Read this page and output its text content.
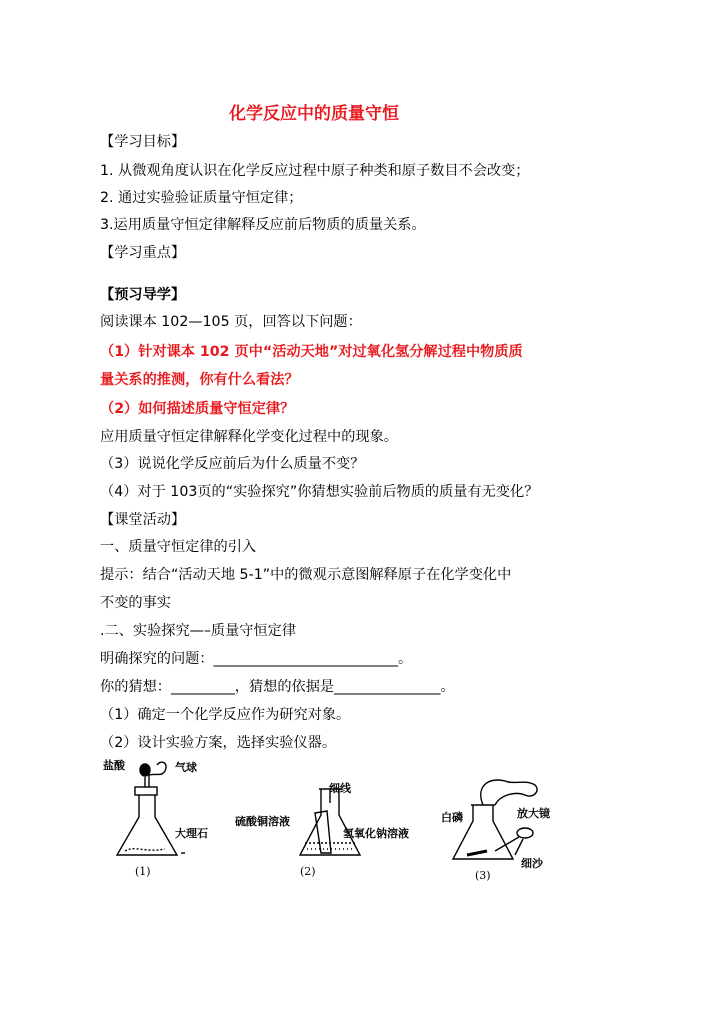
化学反应中的质量守恒
【学习目标】
1. 从微观角度认识在化学反应过程中原子种类和原子数目不会改变；
2. 通过实验验证质量守恒定律；
3.运用质量守恒定律解释反应前后物质的质量关系。
【学习重点】
【预习导学】
阅读课本 102—105 页，回答以下问题：
（1）针对课本 102 页中“活动天地”对过氧化氢分解过程中物质质
量关系的推测，你有什么看法？
（2）如何描述质量守恒定律？
应用质量守恒定律解释化学变化过程中的现象。
（3）说说化学反应前后为什么质量不变？
（4）对于 103页的“实验探究”你猜想实验前后物质的质量有无变化？
【课堂活动】
一、质量守恒定律的引入
提示：结合“活动天地 5-1”中的微观示意图解释原子在化学变化中
不变的事实
.二、实验探究—–质量守恒定律
明确探究的问题：__________________________。
你的猜想：_________，猜想的依据是_______________。
（1）确定一个化学反应作为研究对象。
（2）设计实验方案，选择实验仪器。
盐酸	气球
大理石
(1)
细线
硫酸铜溶液
氢氧化钠溶液
(2)
白磷	放大镜
细沙
(3)
